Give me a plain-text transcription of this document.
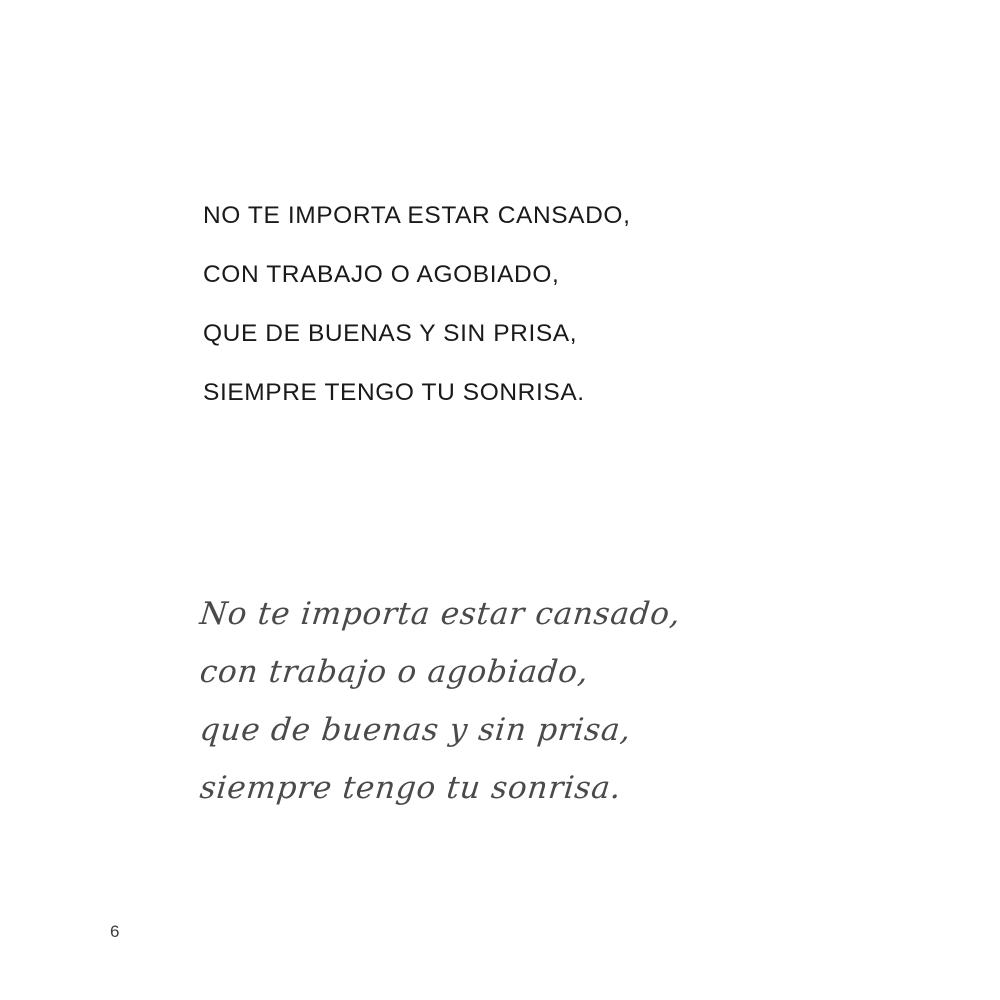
NO TE IMPORTA ESTAR CANSADO,
CON TRABAJO O AGOBIADO,
QUE DE BUENAS Y SIN PRISA,
SIEMPRE TENGO TU SONRISA.
No te importa estar cansado,
con trabajo o agobiado,
que de buenas y sin prisa,
siempre tengo tu sonrisa.
6
